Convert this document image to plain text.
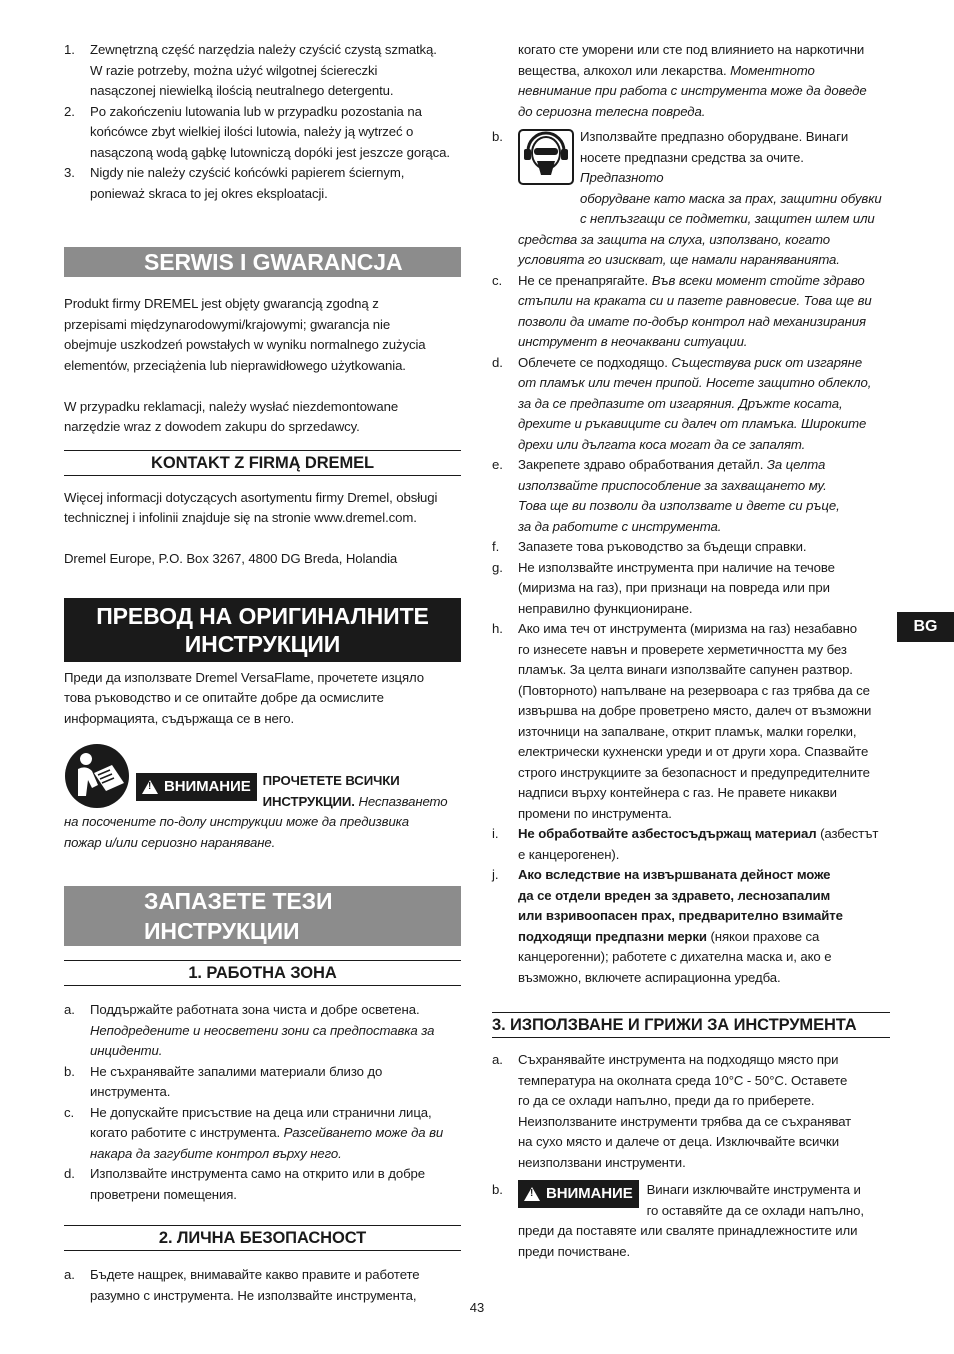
1.	Zewnętrzną część narzędzia należy czyścić czystą szmatką.
W razie potrzeby, można użyć wilgotnej ściereczki
nasączonej niewielką ilością neutralnego detergentu.
2.	Po zakończeniu lutowania lub w przypadku pozostania na
końcówce zbyt wielkiej ilości lutowia, należy ją wytrzeć o
nasączoną wodą gąbkę lutowniczą dopóki jest jeszcze gorąca.
3.	Nigdy nie należy czyścić końcówki papierem ściernym,
ponieważ skraca to jej okres eksploatacji.
SERWIS I GWARANCJA
Produkt firmy DREMEL jest objęty gwarancją zgodną z
przepisami międzynarodowymi/krajowymi; gwarancja nie
obejmuje uszkodzeń powstałych w wyniku normalnego zużycia
elementów, przeciążenia lub nieprawidłowego użytkowania.
W przypadku reklamacji, należy wysłać niezdemontowane
narzędzie wraz z dowodem zakupu do sprzedawcy.
KONTAKT Z FIRMĄ DREMEL
Więcej informacji dotyczących asortymentu firmy Dremel, obsługi
technicznej i infolinii znajduje się na stronie www.dremel.com.
Dremel Europe, P.O. Box 3267, 4800 DG Breda, Holandia
ПРЕВОД НА ОРИГИНАЛНИТЕ
ИНСТРУКЦИИ
Преди да използвате Dremel VersaFlame, прочетете изцяло
това ръководство и се опитайте добре да осмислите
информацията, съдържаща се в него.
!
ВНИМАНИЕ ПРОЧЕТЕТЕ ВСИЧКИ
ИНСТРУКЦИИ. Неспазването
на посочените по-долу инструкции може да предизвика
пожар и/или сериозно нараняване.
ЗАПАЗЕТЕ ТЕЗИ ИНСТРУКЦИИ
1. РАБОТНА ЗОНА
a.	Поддържайте работната зона чиста и добре осветена.
Неподредените и неосветени зони са предпоставка за
инциденти.
b.	Не съхранявайте запалими материали близо до инструмента.
c.	Не допускайте присъствие на деца или странични лица,
когато работите с инструмента. Разсейването може да ви
накара да загубите контрол върху него.
d.	Използвайте инструмента само на открито или в добре
проветрени помещения.
2. ЛИЧНА БЕЗОПАСНОСТ
a.	Бъдете нащрек, внимавайте какво правите и работете
разумно с инструмента. Не използвайте инструмента,
когато сте уморени или сте под влиянието на наркотични
вещества, алкохол или лекарства. Моментното
невнимание при работа с инструмента може да доведе
до сериозна телесна повреда.
b.	Използвайте предпазно оборудване. Винаги
носете предпазни средства за очите. Предпазното
оборудване като маска за прах, защитни обувки
с неплъзгащи се подметки, защитен шлем или
средства за защита на слуха, използвано, когато
условията го изискват, ще намали нараняванията.
c.	Не се пренапрягайте. Във всеки момент стойте здраво
стъпили на краката си и пазете равновесие. Това ще ви
позволи да имате по-добър контрол над механизирания
инструмент в неочаквани ситуации.
d.	Облечете се подходящо. Съществува риск от изгаряне
от пламък или течен припой. Носете защитно облекло,
за да се предпазите от изгаряния. Дръжте косата,
дрехите и ръкавиците си далеч от пламъка. Широките
дрехи или дългата коса могат да се запалят.
e.	Закрепете здраво обработвания детайл. За целта
използвайте приспособление за захващането му.
Това ще ви позволи да използвате и двете си ръце,
за да работите с инструмента.
f.	Запазете това ръководство за бъдещи справки.
g.	Не използвайте инструмента при наличие на течове
(миризма на газ), при признаци на повреда или при
неправилно функциониране.
h.	Ако има теч от инструмента (миризма на газ) незабавно
го изнесете навън и проверете херметичността му без
пламък. За целта винаги използвайте сапунен разтвор.
(Повторното) напълване на резервоара с газ трябва да се
извършва на добре проветрено място, далеч от възможни
източници на запалване, открит пламък, малки горелки,
електрически кухненски уреди и от други хора. Спазвайте
строго инструкциите за безопасност и предупредителните
надписи върху контейнера с газ. Не правете никакви
промени по инструмента.
i.	Не обработвайте азбестосъдържащ материал (азбестът
е канцерогенен).
j.	Ако вследствие на извършваната дейност може
да се отдели вреден за здравето, леснозапалим
или взривоопасен прах, предварително взимайте
подходящи предпазни мерки (някои прахове са
канцерогенни); работете с дихателна маска и, ако е
възможно, включете аспирационна уредба.
3. ИЗПОЛЗВАНЕ И ГРИЖИ ЗА ИНСТРУМЕНТА
a.	Съхранявайте инструмента на подходящо място при
температура на околната среда 10°C - 50°C. Оставете
го да се охлади напълно, преди да го приберете.
Неизползваните инструменти трябва да се съхраняват
на сухо място и далече от деца. Изключвайте всички
неизползвани инструменти.
b.
!	ВНИМАНИЕ Винаги изключвайте инструмента и
го оставяйте да се охлади напълно,
преди да поставяте или сваляте принадлежностите или
преди почистване.
BG
43
